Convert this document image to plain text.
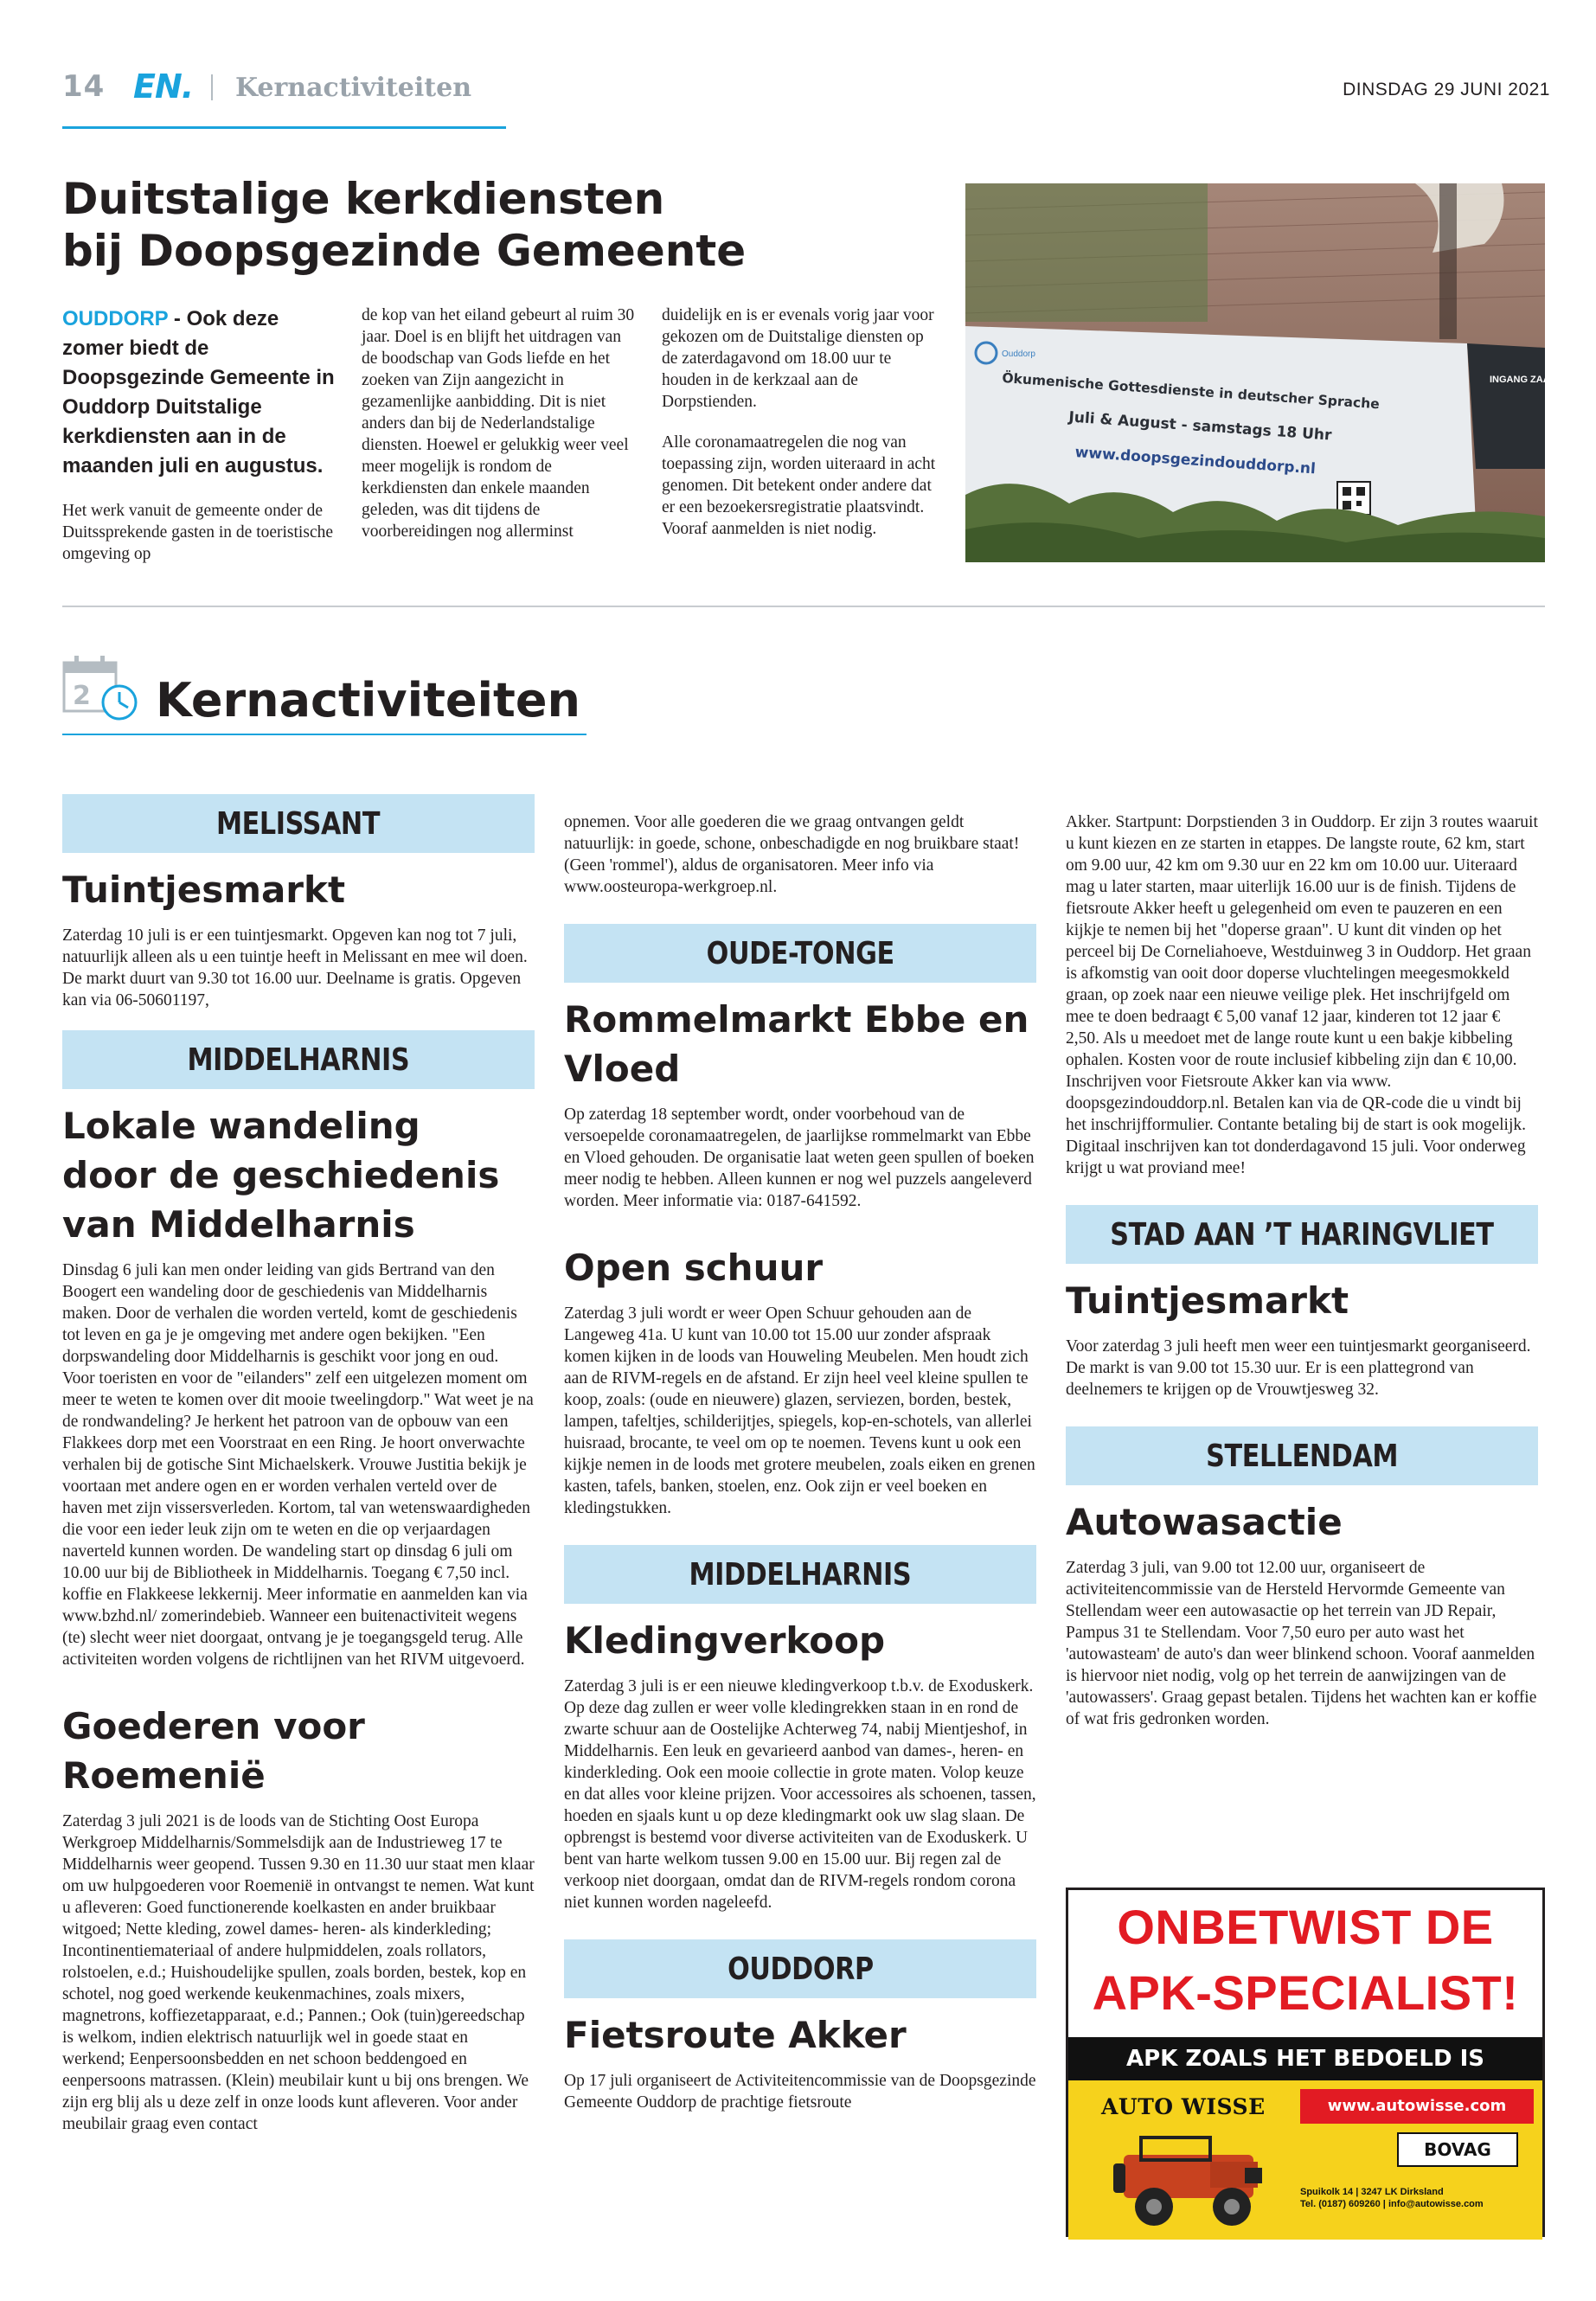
14 EN. Kernactiviteiten	DINSDAG 29 JUNI 2021
Duitstalige kerkdiensten
bij Doopsgezinde Gemeente

OUDDORP - Ook deze zomer biedt de Doopsgezinde Gemeente in Ouddorp Duitstalige kerkdiensten aan in de maanden juli en augustus.

Het werk vanuit de gemeente onder de Duitssprekende gasten in de toeristische omgeving op

de kop van het eiland gebeurt al ruim 30 jaar. Doel is en blijft het uitdragen van de boodschap van Gods liefde en het zoeken van Zijn aangezicht in gezamenlijke aanbidding. Dit is niet anders dan bij de Nederlandstalige diensten. Hoewel er gelukkig weer veel meer mogelijk is rondom de kerkdiensten dan enkele maanden geleden, was dit tijdens de voorbereidingen nog allerminst

duidelijk en is er evenals vorig jaar voor gekozen om de Duitstalige diensten op de zaterdagavond om 18.00 uur te houden in de kerkzaal aan de Dorpstienden.

Alle coronamaatregelen die nog van toepassing zijn, worden uiteraard in acht genomen. Dit betekent onder andere dat er een bezoekersregistratie plaatsvindt. Vooraf aanmelden is niet nodig.

INGANG ZAAL
Ouddorp
Ökumenische Gottesdienste in deutscher Sprache
Juli & August - samstags 18 Uhr
www.doopsgezindouddorp.nl
2 Kernactiviteiten
MELISSANT
Tuintjesmarkt

Zaterdag 10 juli is er een tuintjesmarkt. Opgeven kan nog tot 7 juli, natuurlijk alleen als u een tuintje heeft in Melissant en mee wil doen. De markt duurt van 9.30 tot 16.00 uur. Deelname is gratis. Opgeven kan via 06-50601197,

MIDDELHARNIS
Lokale wandeling
door de geschiedenis
van Middelharnis

Dinsdag 6 juli kan men onder leiding van gids Bertrand van den Boogert een wandeling door de geschiedenis van Middelharnis maken. Door de verhalen die worden verteld, komt de geschiedenis tot leven en ga je je omgeving met andere ogen bekijken. "Een dorpswandeling door Middelharnis is geschikt voor jong en oud. Voor toeristen en voor de "eilanders" zelf een uitgelezen moment om meer te weten te komen over dit mooie tweelingdorp." Wat weet je na de rondwandeling? Je herkent het patroon van de opbouw van een Flakkees dorp met een Voorstraat en een Ring. Je hoort onverwachte verhalen bij de gotische Sint Michaelskerk. Vrouwe Justitia bekijk je voortaan met andere ogen en er worden verhalen verteld over de haven met zijn vissersverleden. Kortom, tal van wetenswaardigheden die voor een ieder leuk zijn om te weten en die op verjaardagen naverteld kunnen worden. De wandeling start op dinsdag 6 juli om 10.00 uur bij de Bibliotheek in Middelharnis. Toegang € 7,50 incl. koffie en Flakkeese lekkernij. Meer informatie en aanmelden kan via www.bzhd.nl/ zomerindebieb. Wanneer een buitenactiviteit wegens (te) slecht weer niet doorgaat, ontvang je je toegangsgeld terug. Alle activiteiten worden volgens de richtlijnen van het RIVM uitgevoerd.

Goederen voor Roemenië

Zaterdag 3 juli 2021 is de loods van de Stichting Oost Europa Werkgroep Middelharnis/Sommelsdijk aan de Industrieweg 17 te Middelharnis weer geopend. Tussen 9.30 en 11.30 uur staat men klaar om uw hulpgoederen voor Roemenië in ontvangst te nemen. Wat kunt u afleveren: Goed functionerende koelkasten en ander bruikbaar witgoed; Nette kleding, zowel dames- heren- als kinderkleding; Incontinentiemateriaal of andere hulpmiddelen, zoals rollators, rolstoelen, e.d.; Huishoudelijke spullen, zoals borden, bestek, kop en schotel, nog goed werkende keukenmachines, zoals mixers, magnetrons, koffiezetapparaat, e.d.; Pannen.; Ook (tuin)gereedschap is welkom, indien elektrisch natuurlijk wel in goede staat en werkend; Eenpersoonsbedden en net schoon beddengoed en eenpersoons matrassen. (Klein) meubilair kunt u bij ons brengen. We zijn erg blij als u deze zelf in onze loods kunt afleveren. Voor ander meubilair graag even contact

opnemen. Voor alle goederen die we graag ontvangen geldt natuurlijk: in goede, schone, onbeschadigde en nog bruikbare staat! (Geen 'rommel'), aldus de organisatoren. Meer info via www.oosteuropa-werkgroep.nl.

OUDE-TONGE
Rommelmarkt Ebbe en
Vloed

Op zaterdag 18 september wordt, onder voorbehoud van de versoepelde coronamaatregelen, de jaarlijkse rommelmarkt van Ebbe en Vloed gehouden. De organisatie laat weten geen spullen of boeken meer nodig te hebben. Alleen kunnen er nog wel puzzels aangeleverd worden. Meer informatie via: 0187-641592.

Open schuur

Zaterdag 3 juli wordt er weer Open Schuur gehouden aan de Langeweg 41a. U kunt van 10.00 tot 15.00 uur zonder afspraak komen kijken in de loods van Houweling Meubelen. Men houdt zich aan de RIVM-regels en de afstand. Er zijn heel veel kleine spullen te koop, zoals: (oude en nieuwere) glazen, serviezen, borden, bestek, lampen, tafeltjes, schilderijtjes, spiegels, kop-en-schotels, van allerlei huisraad, brocante, te veel om op te noemen. Tevens kunt u ook een kijkje nemen in de loods met grotere meubelen, zoals eiken en grenen kasten, tafels, banken, stoelen, enz. Ook zijn er veel boeken en kledingstukken.

MIDDELHARNIS
Kledingverkoop

Zaterdag 3 juli is er een nieuwe kledingverkoop t.b.v. de Exoduskerk. Op deze dag zullen er weer volle kledingrekken staan in en rond de zwarte schuur aan de Oostelijke Achterweg 74, nabij Mientjeshof, in Middelharnis. Een leuk en gevarieerd aanbod van dames-, heren- en kinderkleding. Ook een mooie collectie in grote maten. Volop keuze en dat alles voor kleine prijzen. Voor accessoires als schoenen, tassen, hoeden en sjaals kunt u op deze kledingmarkt ook uw slag slaan. De opbrengst is bestemd voor diverse activiteiten van de Exoduskerk. U bent van harte welkom tussen 9.00 en 15.00 uur. Bij regen zal de verkoop niet doorgaan, omdat dan de RIVM-regels rondom corona niet kunnen worden nageleefd.

OUDDORP
Fietsroute Akker

Op 17 juli organiseert de Activiteitencommissie van de Doopsgezinde Gemeente Ouddorp de prachtige fietsroute

Akker. Startpunt: Dorpstienden 3 in Ouddorp. Er zijn 3 routes waaruit u kunt kiezen en ze starten in etappes. De langste route, 62 km, start om 9.00 uur, 42 km om 9.30 uur en 22 km om 10.00 uur. Uiteraard mag u later starten, maar uiterlijk 16.00 uur is de finish. Tijdens de fietsroute Akker heeft u gelegenheid om even te pauzeren en een kijkje te nemen bij het "doperse graan". U kunt dit vinden op het perceel bij De Corneliahoeve, Westduinweg 3 in Ouddorp. Het graan is afkomstig van ooit door doperse vluchtelingen meegesmokkeld graan, op zoek naar een nieuwe veilige plek. Het inschrijfgeld om mee te doen bedraagt € 5,00 vanaf 12 jaar, kinderen tot 12 jaar € 2,50. Als u meedoet met de lange route kunt u een bakje kibbeling ophalen. Kosten voor de route inclusief kibbeling zijn dan € 10,00. Inschrijven voor Fietsroute Akker kan via www. doopsgezindouddorp.nl. Betalen kan via de QR-code die u vindt bij het inschrijfformulier. Contante betaling bij de start is ook mogelijk. Digitaal inschrijven kan tot donderdagavond 15 juli. Voor onderweg krijgt u wat proviand mee!

STAD AAN ’T HARINGVLIET
Tuintjesmarkt

Voor zaterdag 3 juli heeft men weer een tuintjesmarkt georganiseerd. De markt is van 9.00 tot 15.30 uur. Er is een plattegrond van deelnemers te krijgen op de Vrouwtjesweg 32.

STELLENDAM
Autowasactie

Zaterdag 3 juli, van 9.00 tot 12.00 uur, organiseert de activiteitencommissie van de Hersteld Hervormde Gemeente van Stellendam weer een autowasactie op het terrein van JD Repair, Pampus 31 te Stellendam. Voor 7,50 euro per auto wast het 'autowasteam' de auto's dan weer blinkend schoon. Vooraf aanmelden is hiervoor niet nodig, volg op het terrein de aanwijzingen van de 'autowassers'. Graag gepast betalen. Tijdens het wachten kan er koffie of wat fris gedronken worden.

ONBETWIST DE
APK-SPECIALIST!
APK ZOALS HET BEDOELD IS
AUTO WISSE	www.autowisse.com
BOVAG
Spuikolk 14 | 3247 LK Dirksland
Tel. (0187) 609260 | info@autowisse.com
